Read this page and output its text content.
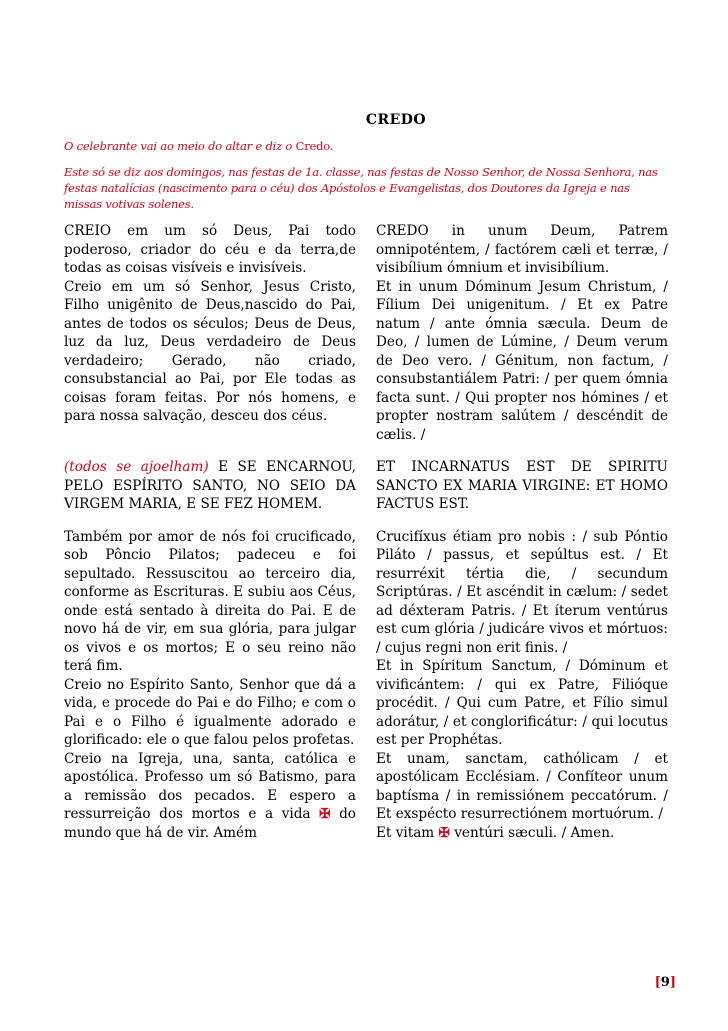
CREDO

O celebrante vai ao meio do altar e diz o Credo.

Este só se diz aos domingos, nas festas de 1a. classe, nas festas de Nosso Senhor, de Nossa Senhora, nas festas natalícias (nascimento para o céu) dos Apóstolos e Evangelistas, dos Doutores da Igreja e nas missas votivas solenes.

CREIO em um só Deus, Pai todo poderoso, criador do céu e da terra,de todas as coisas visíveis e invisíveis.

Creio em um só Senhor, Jesus Cristo, Filho unigênito de Deus,nascido do Pai, antes de todos os séculos; Deus de Deus, luz da luz, Deus verdadeiro de Deus verdadeiro; Gerado, não criado, consubstancial ao Pai, por Ele todas as coisas foram feitas. Por nós homens, e para nossa salvação, desceu dos céus.

CREDO in unum Deum, Patrem omnipoténtem, / factórem cæli et terræ, / visibílium ómnium et invisibílium.

Et in unum Dóminum Jesum Christum, / Fílium Dei unigenitum. / Et ex Patre natum / ante ómnia sæcula. Deum de Deo, / lumen de Lúmine, / Deum verum de Deo vero. / Génitum, non factum, / consubstantiálem Patri: / per quem ómnia facta sunt. / Qui propter nos hómines / et propter nostram salútem / descéndit de cælis. /

(todos se ajoelham) E SE ENCARNOU, PELO ESPÍRITO SANTO, NO SEIO DA VIRGEM MARIA, E SE FEZ HOMEM.

ET INCARNATUS EST DE SPIRITU SANCTO EX MARIA VIRGINE: ET HOMO FACTUS EST.

Também por amor de nós foi crucificado, sob Pôncio Pilatos; padeceu e foi sepultado. Ressuscitou ao terceiro dia, conforme as Escrituras. E subiu aos Céus, onde está sentado à direita do Pai. E de novo há de vir, em sua glória, para julgar os vivos e os mortos; E o seu reino não terá fim.

Creio no Espírito Santo, Senhor que dá a vida, e procede do Pai e do Filho; e com o Pai e o Filho é igualmente adorado e glorificado: ele o que falou pelos profetas.

Creio na Igreja, una, santa, católica e apostólica. Professo um só Batismo, para a remissão dos pecados. E espero a ressurreição dos mortos e a vida ✠ do mundo que há de vir. Amém

Crucifíxus étiam pro nobis : / sub Póntio Piláto / passus, et sepúltus est. / Et resurréxit tértia die, / secundum Scriptúras. / Et ascéndit in cælum: / sedet ad déxteram Patris. / Et íterum ventúrus est cum glória / judicáre vivos et mórtuos: / cujus regni non erit finis. /

Et in Spíritum Sanctum, / Dóminum et vivificántem: / qui ex Patre, Filióque procédit. / Qui cum Patre, et Fílio simul adorátur, / et conglorificátur: / qui locutus est per Prophétas.

Et unam, sanctam, cathólicam / et apostólicam Ecclésiam. / Confíteor unum baptísma / in remissiónem peccatórum. / Et exspécto resurrectiónem mortuórum. /

Et vitam ✠ ventúri sæculi. / Amen.

[9]
